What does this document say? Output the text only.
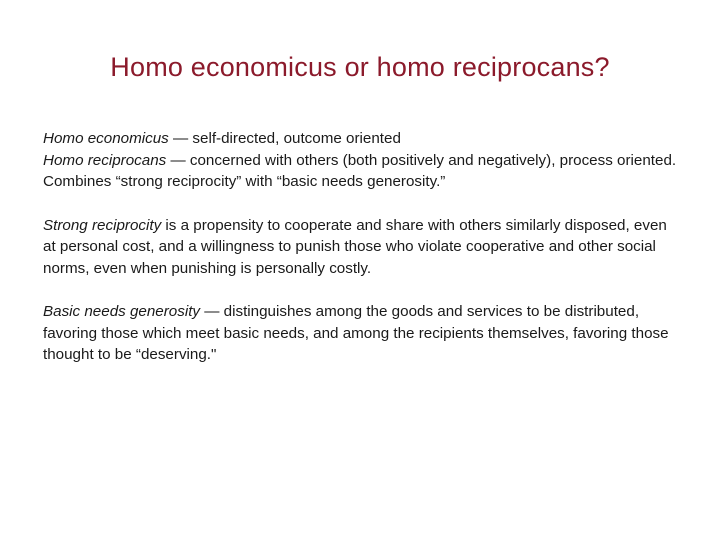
Homo economicus or homo reciprocans?

Homo economicus — self-directed, outcome oriented

Homo reciprocans — concerned with others (both positively and negatively), process oriented. Combines “strong reciprocity” with “basic needs generosity.”

Strong reciprocity is a propensity to cooperate and share with others similarly disposed, even at personal cost, and a willingness to punish those who violate cooperative and other social norms, even when punishing is personally costly.

Basic needs generosity — distinguishes among the goods and services to be distributed, favoring those which meet basic needs, and among the recipients themselves, favoring those thought to be “deserving."
